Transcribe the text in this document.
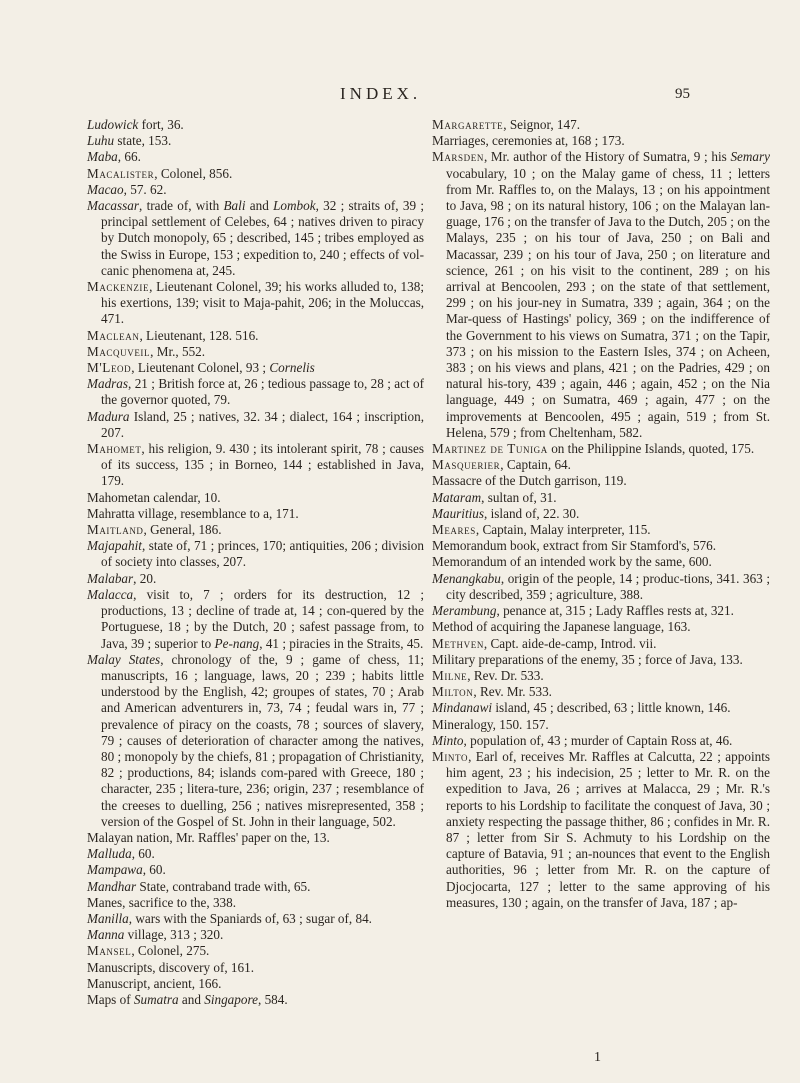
INDEX.	95
Ludowick fort, 36.
Luhu state, 153.
Maba, 66.
Macalister, Colonel, 856.
Macao, 57. 62.
Macassar, trade of, with Bali and Lombok, 32 ; straits of, 39 ; principal settlement of Celebes, 64 ; natives driven to piracy by Dutch monopoly, 65 ; described, 145 ; tribes employed as the Swiss in Europe, 153 ; expedition to, 240 ; effects of vol-canic phenomena at, 245.
Mackenzie, Lieutenant Colonel, 39; his works alluded to, 138; his exertions, 139; visit to Maja-pahit, 206; in the Moluccas, 471.
Maclean, Lieutenant, 128. 516.
Macquveil, Mr., 552.
M'Leod, Lieutenant Colonel, 93 ; Cornelis
Madras, 21 ; British force at, 26 ; tedious passage to, 28 ; act of the governor quoted, 79.
Madura Island, 25 ; natives, 32. 34 ; dialect, 164 ; inscription, 207.
Mahomet, his religion, 9. 430 ; its intolerant spirit, 78 ; causes of its success, 135 ; in Borneo, 144 ; established in Java, 179.
Mahometan calendar, 10.
Mahratta village, resemblance to a, 171.
Maitland, General, 186.
Majapahit, state of, 71 ; princes, 170; antiquities, 206 ; division of society into classes, 207.
Malabar, 20.
Malacca, visit to, 7 ; orders for its destruction, 12 ; productions, 13 ; decline of trade at, 14 ; con-quered by the Portuguese, 18 ; by the Dutch, 20 ; safest passage from, to Java, 39 ; superior to Pe-nang, 41 ; piracies in the Straits, 45.
Malay States, chronology of the, 9 ; game of chess, 11; manuscripts, 16 ; language, laws, 20 ; 239 ; habits little understood by the English, 42; groupes of states, 70 ; Arab and American adventurers in, 73, 74 ; feudal wars in, 77 ; prevalence of piracy on the coasts, 78 ; sources of slavery, 79 ; causes of deterioration of character among the natives, 80 ; monopoly by the chiefs, 81 ; propagation of Christianity, 82 ; productions, 84; islands com-pared with Greece, 180 ; character, 235 ; litera-ture, 236; origin, 237 ; resemblance of the creeses to duelling, 256 ; natives misrepresented, 358 ; version of the Gospel of St. John in their language, 502.
Malayan nation, Mr. Raffles' paper on the, 13.
Malluda, 60.
Mampawa, 60.
Mandhar State, contraband trade with, 65.
Manes, sacrifice to the, 338.
Manilla, wars with the Spaniards of, 63 ; sugar of, 84.
Manna village, 313 ; 320.
Mansel, Colonel, 275.
Manuscripts, discovery of, 161.
Manuscript, ancient, 166.
Maps of Sumatra and Singapore, 584.
Margarette, Seignor, 147.
Marriages, ceremonies at, 168 ; 173.
Marsden, Mr. author of the History of Sumatra, 9 ; his Semary vocabulary, 10 ; on the Malay game of chess, 11 ; letters from Mr. Raffles to, on the Malays, 13 ; on his appointment to Java, 98 ; on its natural history, 106 ; on the Malayan lan-guage, 176 ; on the transfer of Java to the Dutch, 205 ; on the Malays, 235 ; on his tour of Java, 250 ; on Bali and Macassar, 239 ; on his tour of Java, 250 ; on literature and science, 261 ; on his visit to the continent, 289 ; on his arrival at Bencoolen, 293 ; on the state of that settlement, 299 ; on his jour-ney in Sumatra, 339 ; again, 364 ; on the Mar-quess of Hastings' policy, 369 ; on the indifference of the Government to his views on Sumatra, 371 ; on the Tapir, 373 ; on his mission to the Eastern Isles, 374 ; on Acheen, 383 ; on his views and plans, 421 ; on the Padries, 429 ; on natural his-tory, 439 ; again, 446 ; again, 452 ; on the Nia language, 449 ; on Sumatra, 469 ; again, 477 ; on the improvements at Bencoolen, 495 ; again, 519 ; from St. Helena, 579 ; from Cheltenham, 582.
Martinez de Tuniga on the Philippine Islands, quoted, 175.
Masquerier, Captain, 64.
Massacre of the Dutch garrison, 119.
Mataram, sultan of, 31.
Mauritius, island of, 22. 30.
Meares, Captain, Malay interpreter, 115.
Memorandum book, extract from Sir Stamford's, 576.
Memorandum of an intended work by the same, 600.
Menangkabu, origin of the people, 14 ; produc-tions, 341. 363 ; city described, 359 ; agriculture, 388.
Merambung, penance at, 315 ; Lady Raffles rests at, 321.
Method of acquiring the Japanese language, 163.
Methven, Capt. aide-de-camp, Introd. vii.
Military preparations of the enemy, 35 ; force of Java, 133.
Milne, Rev. Dr. 533.
Milton, Rev. Mr. 533.
Mindanawi island, 45 ; described, 63 ; little known, 146.
Mineralogy, 150. 157.
Minto, population of, 43 ; murder of Captain Ross at, 46.
Minto, Earl of, receives Mr. Raffles at Calcutta, 22 ; appoints him agent, 23 ; his indecision, 25 ; letter to Mr. R. on the expedition to Java, 26 ; arrives at Malacca, 29 ; Mr. R.'s reports to his Lordship to facilitate the conquest of Java, 30 ; anxiety respecting the passage thither, 86 ; confides in Mr. R. 87 ; letter from Sir S. Achmuty to his Lordship on the capture of Batavia, 91 ; an-nounces that event to the English authorities, 96 ; letter from Mr. R. on the capture of Djocjocarta, 127 ; letter to the same approving of his measures, 130 ; again, on the transfer of Java, 187 ; ap-
1
